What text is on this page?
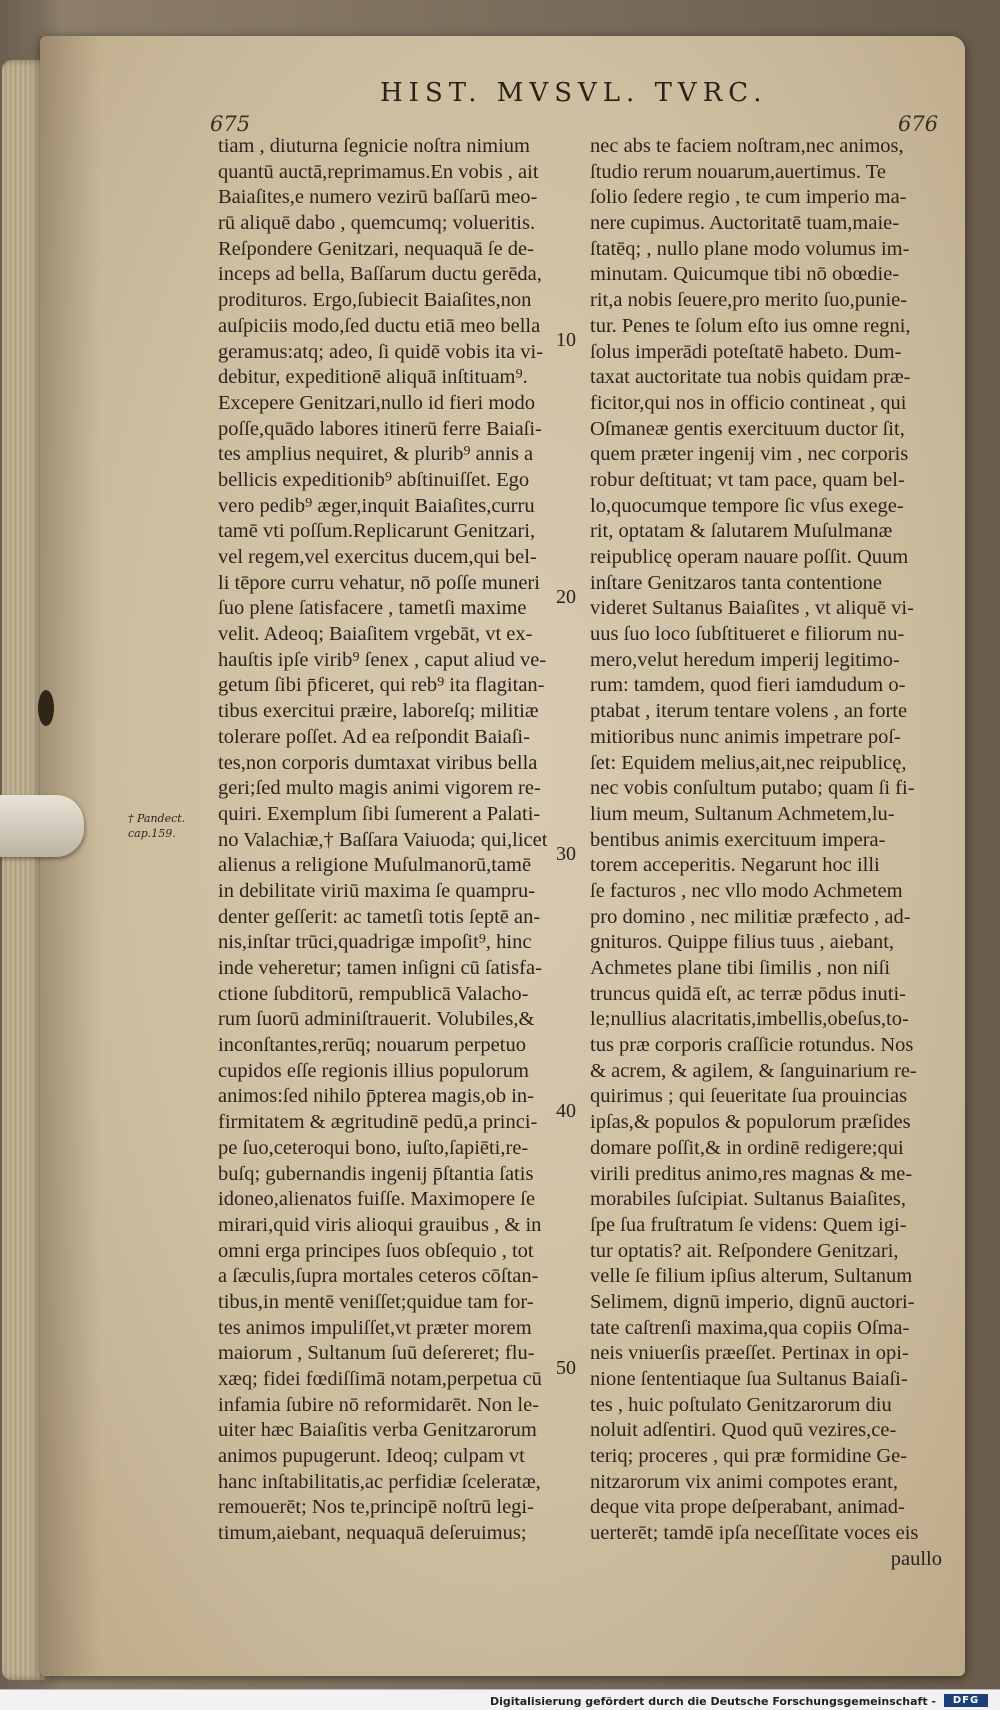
HIST. MVSVL. TVRC.
675	676
† Pandect.
cap.159.
10
20
30
40
50
tiam , diuturna ſegnicie noſtra nimium
quantū auctā,reprimamus.En vobis , ait
Baiaſites,e numero vezirū baſſarū meo-
rū aliquē dabo , quemcumq; volueritis.
Reſpondere Genitzari, nequaquā ſe de-
inceps ad bella, Baſſarum ductu gerēda,
prodituros. Ergo,ſubiecit Baiaſites,non
auſpiciis modo,ſed ductu etiā meo bella
geramus:atq; adeo, ſi quidē vobis ita vi-
debitur, expeditionē aliquā inſtituam⁹.
Excepere Genitzari,nullo id fieri modo
poſſe,quādo labores itinerū ferre Baiaſi-
tes amplius nequiret, & plurib⁹ annis a
bellicis expeditionib⁹ abſtinuiſſet. Ego
vero pedib⁹ æger,inquit Baiaſites,curru
tamē vti poſſum.Replicarunt Genitzari,
vel regem,vel exercitus ducem,qui bel-
li tēpore curru vehatur, nō poſſe muneri
ſuo plene ſatisfacere , tametſi maxime
velit. Adeoq; Baiaſitem vrgebāt, vt ex-
hauſtis ipſe virib⁹ ſenex , caput aliud ve-
getum ſibi p̄ficeret, qui reb⁹ ita flagitan-
tibus exercitui præire, laboreſq; militiæ
tolerare poſſet. Ad ea reſpondit Baiaſi-
tes,non corporis dumtaxat viribus bella
geri;ſed multo magis animi vigorem re-
quiri. Exemplum ſibi ſumerent a Palati-
no Valachiæ,† Baſſara Vaiuoda; qui,licet
alienus a religione Muſulmanorū,tamē
in debilitate viriū maxima ſe quampru-
denter geſſerit: ac tametſi totis ſeptē an-
nis,inſtar trūci,quadrigæ impoſit⁹, hinc
inde veheretur; tamen inſigni cū ſatisfa-
ctione ſubditorū, rempublicā Valacho-
rum ſuorū adminiſtrauerit. Volubiles,&
inconſtantes,rerūq; nouarum perpetuo
cupidos eſſe regionis illius populorum
animos:ſed nihilo p̄pterea magis,ob in-
firmitatem & ægritudinē pedū,a princi-
pe ſuo,ceteroqui bono, iuſto,ſapiēti,re-
buſq; gubernandis ingenij p̄ſtantia ſatis
idoneo,alienatos fuiſſe. Maximopere ſe
mirari,quid viris alioqui grauibus , & in
omni erga principes ſuos obſequio , tot
a ſæculis,ſupra mortales ceteros cōſtan-
tibus,in mentē veniſſet;quidue tam for-
tes animos impuliſſet,vt præter morem
maiorum , Sultanum ſuū deſereret; flu-
xæq; fidei fœdiſſimā notam,perpetua cū
infamia ſubire nō reformidarēt. Non le-
uiter hæc Baiaſitis verba Genitzarorum
animos pupugerunt. Ideoq; culpam vt
hanc inſtabilitatis,ac perfidiæ ſceleratæ,
remouerēt; Nos te,principē noſtrū legi-
timum,aiebant, nequaquā deſeruimus;
nec abs te faciem noſtram,nec animos,
ſtudio rerum nouarum,auertimus. Te
ſolio ſedere regio , te cum imperio ma-
nere cupimus. Auctoritatē tuam,maie-
ſtatēq; , nullo plane modo volumus im-
minutam. Quicumque tibi nō obœdie-
rit,a nobis ſeuere,pro merito ſuo,punie-
tur. Penes te ſolum eſto ius omne regni,
ſolus imperādi poteſtatē habeto. Dum-
taxat auctoritate tua nobis quidam præ-
ficitor,qui nos in officio contineat , qui
Oſmaneæ gentis exercituum ductor ſit,
quem præter ingenij vim , nec corporis
robur deſtituat; vt tam pace, quam bel-
lo,quocumque tempore ſic vſus exege-
rit, optatam & ſalutarem Muſulmanæ
reipublicę operam nauare poſſit. Quum
inſtare Genitzaros tanta contentione
videret Sultanus Baiaſites , vt aliquē vi-
uus ſuo loco ſubſtitueret e filiorum nu-
mero,velut heredum imperij legitimo-
rum: tamdem, quod fieri iamdudum o-
ptabat , iterum tentare volens , an forte
mitioribus nunc animis impetrare poſ-
ſet: Equidem melius,ait,nec reipublicę,
nec vobis conſultum putabo; quam ſi fi-
lium meum, Sultanum Achmetem,lu-
bentibus animis exercituum impera-
torem acceperitis. Negarunt hoc illi
ſe facturos , nec vllo modo Achmetem
pro domino , nec militiæ præfecto , ad-
gnituros. Quippe filius tuus , aiebant,
Achmetes plane tibi ſimilis , non niſi
truncus quidā eſt, ac terræ pōdus inuti-
le;nullius alacritatis,imbellis,obeſus,to-
tus præ corporis craſſicie rotundus. Nos
& acrem, & agilem, & ſanguinarium re-
quirimus ; qui ſeueritate ſua prouincias
ipſas,& populos & populorum præſides
domare poſſit,& in ordinē redigere;qui
virili preditus animo,res magnas & me-
morabiles ſuſcipiat. Sultanus Baiaſites,
ſpe ſua fruſtratum ſe videns: Quem igi-
tur optatis? ait. Reſpondere Genitzari,
velle ſe filium ipſius alterum, Sultanum
Selimem, dignū imperio, dignū auctori-
tate caſtrenſi maxima,qua copiis Oſma-
neis vniuerſis præeſſet. Pertinax in opi-
nione ſententiaque ſua Sultanus Baiaſi-
tes , huic poſtulato Genitzarorum diu
noluit adſentiri. Quod quū vezires,ce-
teriq; proceres , qui præ formidine Ge-
nitzarorum vix animi compotes erant,
deque vita prope deſperabant, animad-
uerterēt; tamdē ipſa neceſſitate voces eis
paullo
Digitalisierung gefördert durch die Deutsche Forschungsgemeinschaft -	DFG
